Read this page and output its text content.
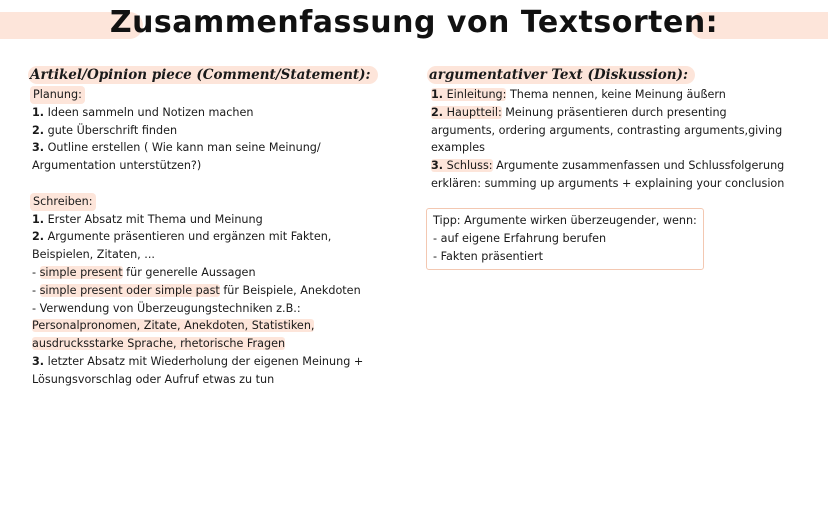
Zusammenfassung von Textsorten:
Artikel/Opinion piece (Comment/Statement):
Planung:
1. Ideen sammeln und Notizen machen
2. gute Überschrift finden
3. Outline erstellen ( Wie kann man seine Meinung/
Argumentation unterstützen?)
Schreiben:
1. Erster Absatz mit Thema und Meinung
2. Argumente präsentieren und ergänzen mit Fakten,
Beispielen, Zitaten, ...
- simple present für generelle Aussagen
- simple present oder simple past für Beispiele, Anekdoten
- Verwendung von Überzeugungstechniken z.B.:
Personalpronomen, Zitate, Anekdoten, Statistiken,
ausdrucksstarke Sprache, rhetorische Fragen
3. letzter Absatz mit Wiederholung der eigenen Meinung +
Lösungsvorschlag oder Aufruf etwas zu tun
argumentativer Text (Diskussion):
1. Einleitung: Thema nennen, keine Meinung äußern
2. Hauptteil: Meinung präsentieren durch presenting
arguments, ordering arguments, contrasting arguments,giving
examples
3. Schluss: Argumente zusammenfassen und Schlussfolgerung
erklären: summing up arguments + explaining your conclusion
Tipp: Argumente wirken überzeugender, wenn:
- auf eigene Erfahrung berufen
- Fakten präsentiert
